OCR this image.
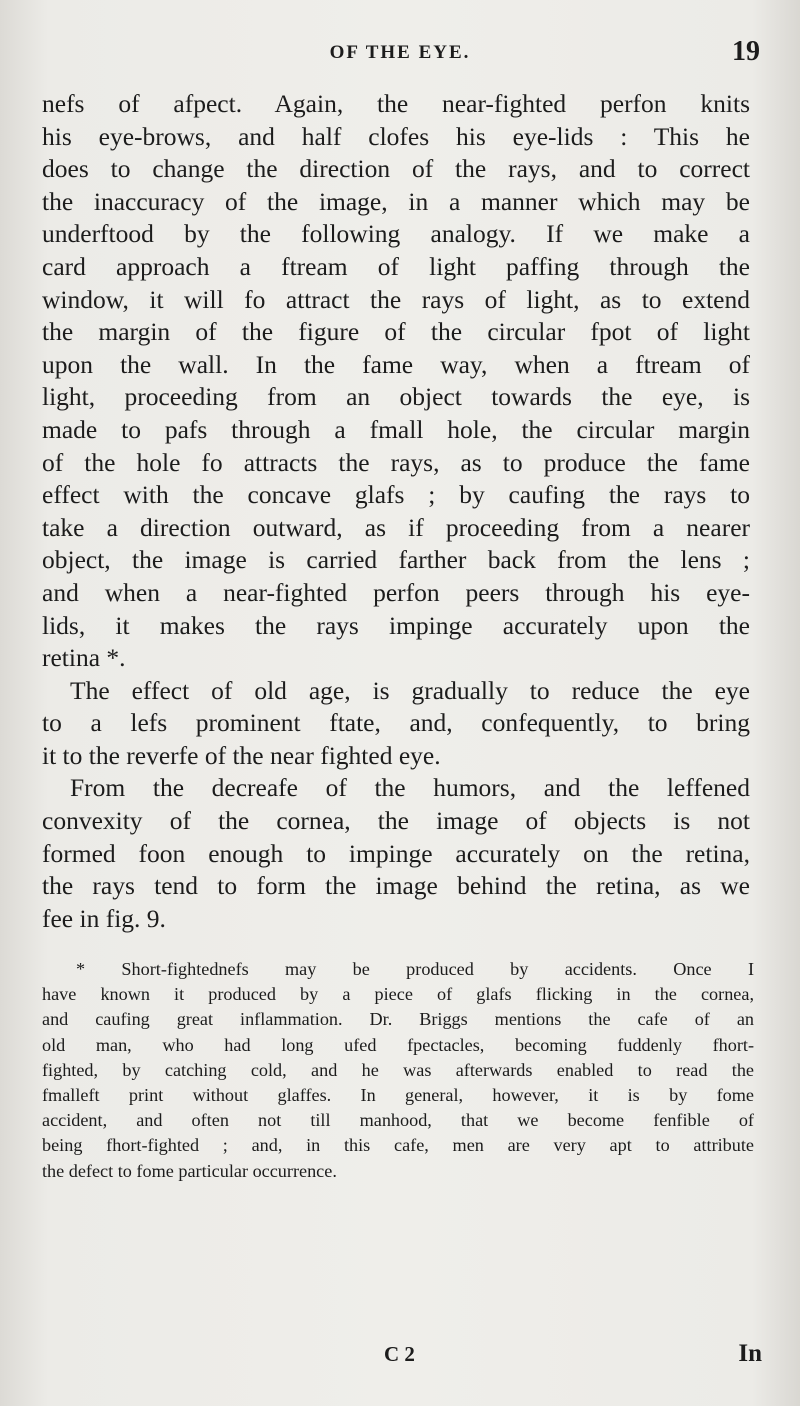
OF THE EYE.	19
nefs of afpect. Again, the near-fighted perfon knits
his eye-brows, and half clofes his eye-lids : This he
does to change the direction of the rays, and to correct
the inaccuracy of the image, in a manner which may be
underftood by the following analogy. If we make a
card approach a ftream of light paffing through the
window, it will fo attract the rays of light, as to extend
the margin of the figure of the circular fpot of light
upon the wall. In the fame way, when a ftream of
light, proceeding from an object towards the eye, is
made to pafs through a fmall hole, the circular margin
of the hole fo attracts the rays, as to produce the fame
effect with the concave glafs ; by caufing the rays to
take a direction outward, as if proceeding from a nearer
object, the image is carried farther back from the lens ;
and when a near-fighted perfon peers through his eye-
lids, it makes the rays impinge accurately upon the
retina *.
The effect of old age, is gradually to reduce the eye
to a lefs prominent ftate, and, confequently, to bring
it to the reverfe of the near fighted eye.
From the decreafe of the humors, and the leffened
convexity of the cornea, the image of objects is not
formed foon enough to impinge accurately on the retina,
the rays tend to form the image behind the retina, as we
fee in fig. 9.
* Short-fightednefs may be produced by accidents. Once I
have known it produced by a piece of glafs flicking in the cornea,
and caufing great inflammation. Dr. Briggs mentions the cafe of an
old man, who had long ufed fpectacles, becoming fuddenly fhort-
fighted, by catching cold, and he was afterwards enabled to read the
fmalleft print without glaffes. In general, however, it is by fome
accident, and often not till manhood, that we become fenfible of
being fhort-fighted ; and, in this cafe, men are very apt to attribute
the defect to fome particular occurrence.
C 2	In
